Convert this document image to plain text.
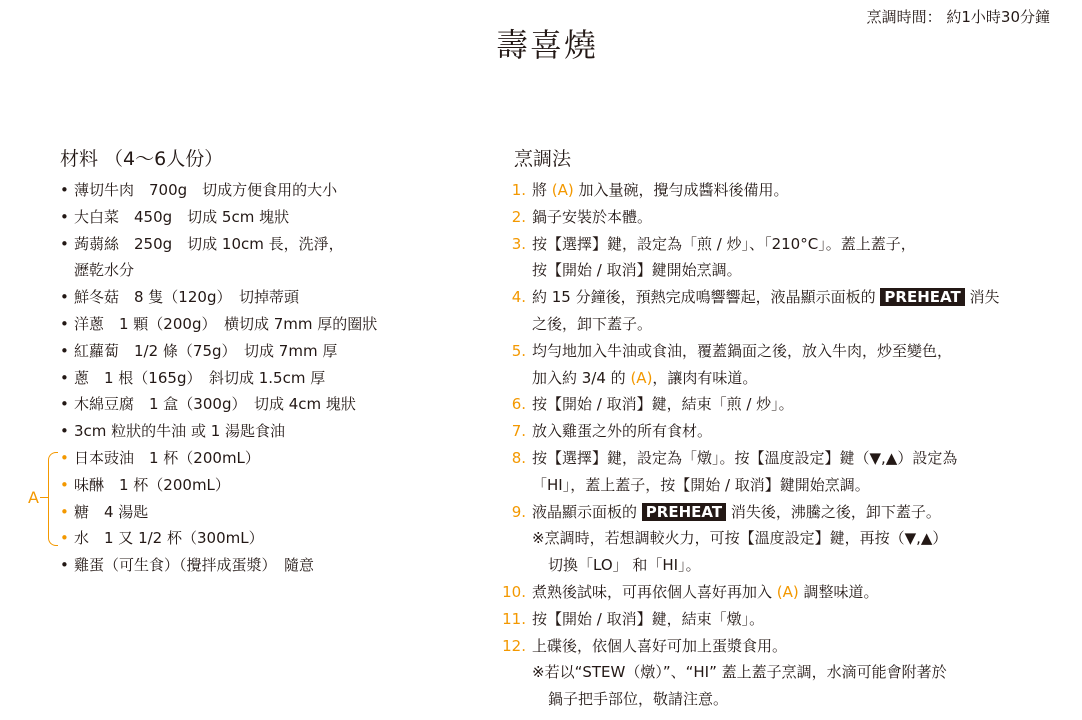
烹調時間： 約1小時30分鐘
壽喜燒
材料 （4～6人份）
• 薄切牛肉　700g　切成方便食用的大小
• 大白菜　450g　切成 5cm 塊狀
• 蒟蒻絲　250g　切成 10cm 長，洗淨，
瀝乾水分
• 鮮冬菇　8 隻（120g）　切掉蒂頭
• 洋蔥　1 顆（200g）　横切成 7mm 厚的圈狀
• 紅蘿蔔　1/2 條（75g）　切成 7mm 厚
• 蔥　1 根（165g）　斜切成 1.5cm 厚
• 木綿豆腐　1 盒（300g）　切成 4cm 塊狀
• 3cm 粒狀的牛油 或 1 湯匙食油
• 日本豉油　1 杯（200mL）
• 味醂　1 杯（200mL）
• 糖　4 湯匙
• 水　1 又 1/2 杯（300mL）
• 雞蛋（可生食）（攪拌成蛋漿）　隨意
A
烹調法
1. 將 (A) 加入量碗，攪勻成醬料後備用。
2. 鍋子安裝於本體。
3. 按【選擇】鍵，設定為「煎 / 炒」、「210°C」。蓋上蓋子，
按【開始 / 取消】鍵開始烹調。
4. 約 15 分鐘後，預熱完成鳴響響起，液晶顯示面板的 PREHEAT 消失
之後，卸下蓋子。
5. 均勻地加入牛油或食油，覆蓋鍋面之後，放入牛肉，炒至變色，
加入約 3/4 的 (A)，讓肉有味道。
6. 按【開始 / 取消】鍵，結束「煎 / 炒」。
7. 放入雞蛋之外的所有食材。
8. 按【選擇】鍵，設定為「燉」。按【溫度設定】鍵（▼,▲）設定為
「HI」，蓋上蓋子，按【開始 / 取消】鍵開始烹調。
9. 液晶顯示面板的 PREHEAT 消失後，沸騰之後，卸下蓋子。
※烹調時，若想調較火力，可按【溫度設定】鍵，再按（▼,▲）
切換「LO」 和「HI」。
10. 煮熟後試味，可再依個人喜好再加入 (A) 調整味道。
11. 按【開始 / 取消】鍵，結束「燉」。
12. 上碟後，依個人喜好可加上蛋漿食用。
※若以“STEW（燉）”、“HI” 蓋上蓋子烹調，水滴可能會附著於
鍋子把手部位，敬請注意。
